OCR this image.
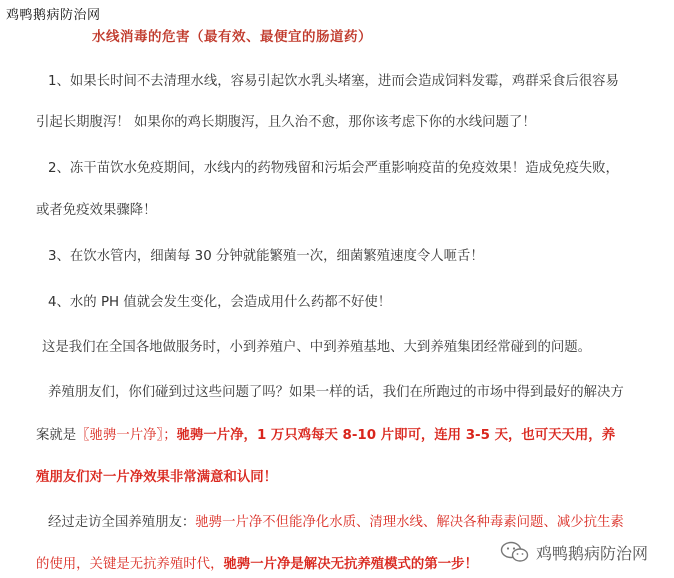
鸡鸭鹅病防治网
水线消毒的危害（最有效、最便宜的肠道药）
1、如果长时间不去清理水线，容易引起饮水乳头堵塞，进而会造成饲料发霉，鸡群采食后很容易
引起长期腹泻！ 如果你的鸡长期腹泻，且久治不愈，那你该考虑下你的水线问题了！
2、冻干苗饮水免疫期间，水线内的药物残留和污垢会严重影响疫苗的免疫效果！造成免疫失败，
或者免疫效果骤降！
3、在饮水管内，细菌每 30 分钟就能繁殖一次，细菌繁殖速度令人咂舌！
4、水的 PH 值就会发生变化，会造成用什么药都不好使！
这是我们在全国各地做服务时，小到养殖户、中到养殖基地、大到养殖集团经常碰到的问题。
养殖朋友们，你们碰到过这些问题了吗？如果一样的话，我们在所跑过的市场中得到最好的解决方
案就是〖驰骋一片净〗；驰骋一片净，1 万只鸡每天 8-10 片即可，连用 3-5 天，也可天天用，养
殖朋友们对一片净效果非常满意和认同！
经过走访全国养殖朋友：驰骋一片净不但能净化水质、清理水线、解决各种毒素问题、减少抗生素
的使用，关键是无抗养殖时代，驰骋一片净是解决无抗养殖模式的第一步！
鸡鸭鹅病防治网
